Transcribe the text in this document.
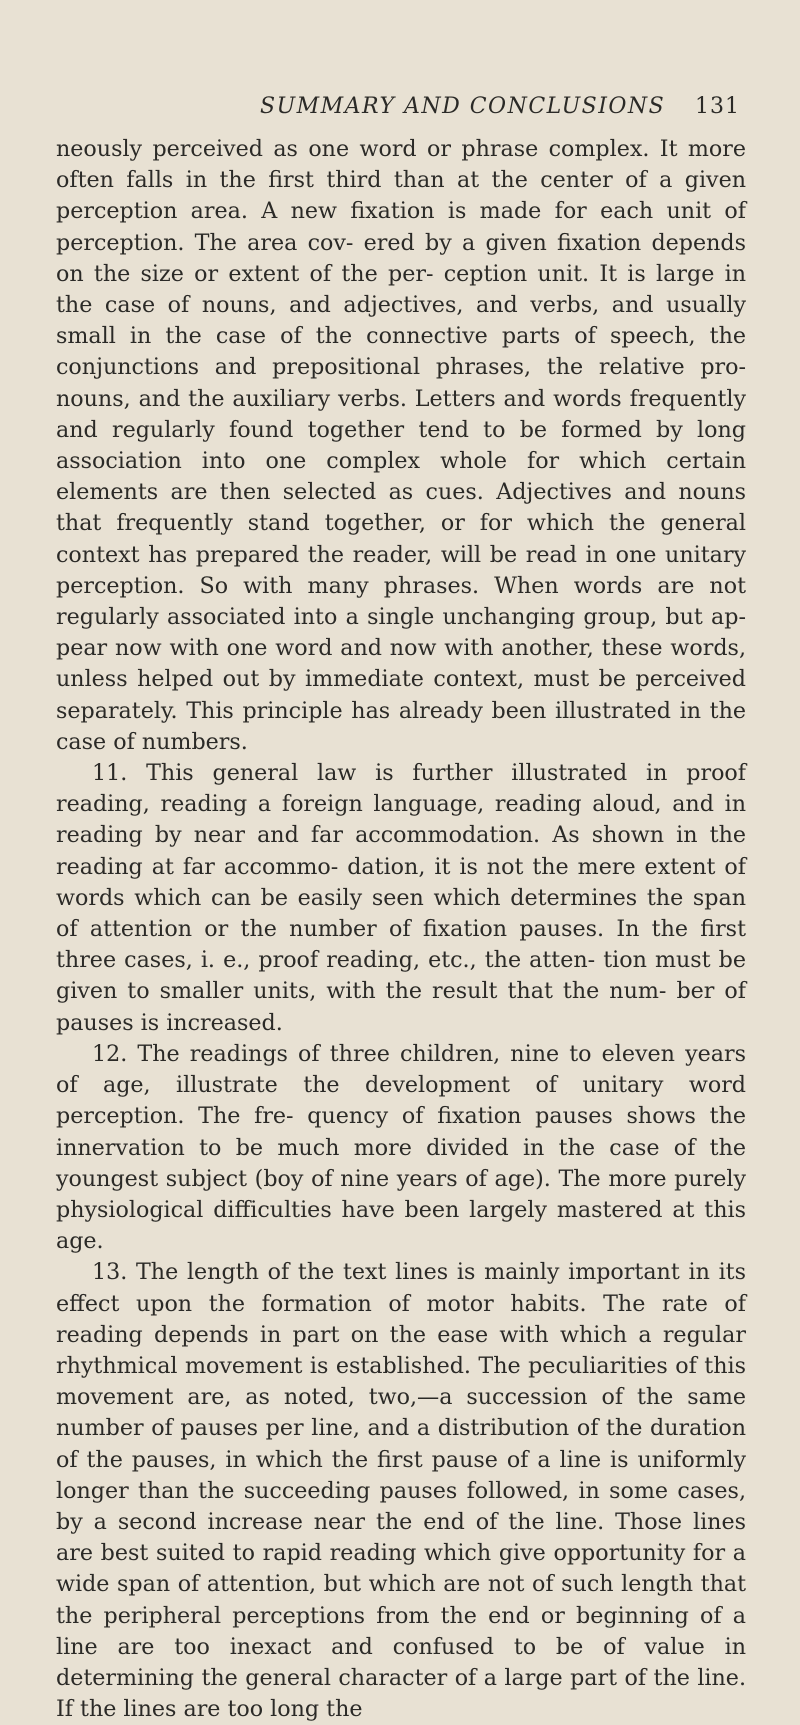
SUMMARY AND CONCLUSIONS 131

neously perceived as one word or phrase complex. It more often falls in the first third than at the center of a given perception area. A new fixation is made for each unit of perception. The area cov- ered by a given fixation depends on the size or extent of the per- ception unit. It is large in the case of nouns, and adjectives, and verbs, and usually small in the case of the connective parts of speech, the conjunctions and prepositional phrases, the relative pro- nouns, and the auxiliary verbs. Letters and words frequently and regularly found together tend to be formed by long association into one complex whole for which certain elements are then selected as cues. Adjectives and nouns that frequently stand together, or for which the general context has prepared the reader, will be read in one unitary perception. So with many phrases. When words are not regularly associated into a single unchanging group, but ap- pear now with one word and now with another, these words, unless helped out by immediate context, must be perceived separately. This principle has already been illustrated in the case of numbers.

11. This general law is further illustrated in proof reading, reading a foreign language, reading aloud, and in reading by near and far accommodation. As shown in the reading at far accommo- dation, it is not the mere extent of words which can be easily seen which determines the span of attention or the number of fixation pauses. In the first three cases, i. e., proof reading, etc., the atten- tion must be given to smaller units, with the result that the num- ber of pauses is increased.

12. The readings of three children, nine to eleven years of age, illustrate the development of unitary word perception. The fre- quency of fixation pauses shows the innervation to be much more divided in the case of the youngest subject (boy of nine years of age). The more purely physiological difficulties have been largely mastered at this age.

13. The length of the text lines is mainly important in its effect upon the formation of motor habits. The rate of reading depends in part on the ease with which a regular rhythmical movement is established. The peculiarities of this movement are, as noted, two,—a succession of the same number of pauses per line, and a distribution of the duration of the pauses, in which the first pause of a line is uniformly longer than the succeeding pauses followed, in some cases, by a second increase near the end of the line. Those lines are best suited to rapid reading which give opportunity for a wide span of attention, but which are not of such length that the peripheral perceptions from the end or beginning of a line are too inexact and confused to be of value in determining the general character of a large part of the line. If the lines are too long the
